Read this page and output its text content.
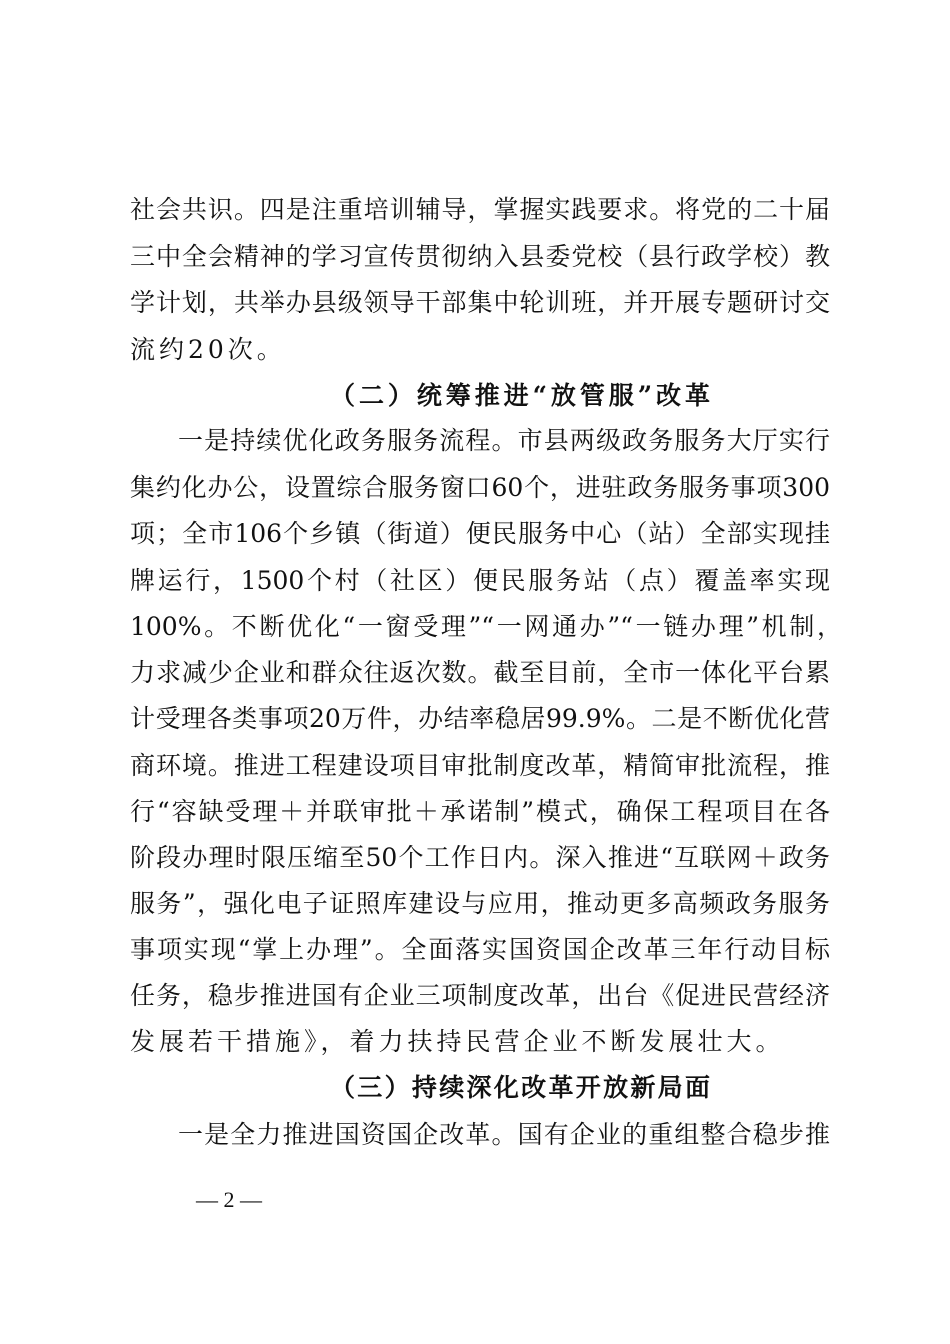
社会共识。四是注重培训辅导，掌握实践要求。将党的二十届
三中全会精神的学习宣传贯彻纳入县委党校（县行政学校）教
学计划，共举办县级领导干部集中轮训班，并开展专题研讨交
流约20次。
（二）统筹推进“放管服”改革
一是持续优化政务服务流程。市县两级政务服务大厅实行
集约化办公，设置综合服务窗口60个，进驻政务服务事项300
项；全市106个乡镇（街道）便民服务中心（站）全部实现挂
牌运行，1500个村（社区）便民服务站（点）覆盖率实现
100%。不断优化“一窗受理”“一网通办”“一链办理”机制，
力求减少企业和群众往返次数。截至目前，全市一体化平台累
计受理各类事项20万件，办结率稳居99.9%。二是不断优化营
商环境。推进工程建设项目审批制度改革，精简审批流程，推
行“容缺受理＋并联审批＋承诺制”模式，确保工程项目在各
阶段办理时限压缩至50个工作日内。深入推进“互联网＋政务
服务”，强化电子证照库建设与应用，推动更多高频政务服务
事项实现“掌上办理”。全面落实国资国企改革三年行动目标
任务，稳步推进国有企业三项制度改革，出台《促进民营经济
发展若干措施》，着力扶持民营企业不断发展壮大。
（三）持续深化改革开放新局面
一是全力推进国资国企改革。国有企业的重组整合稳步推
— 2 —
